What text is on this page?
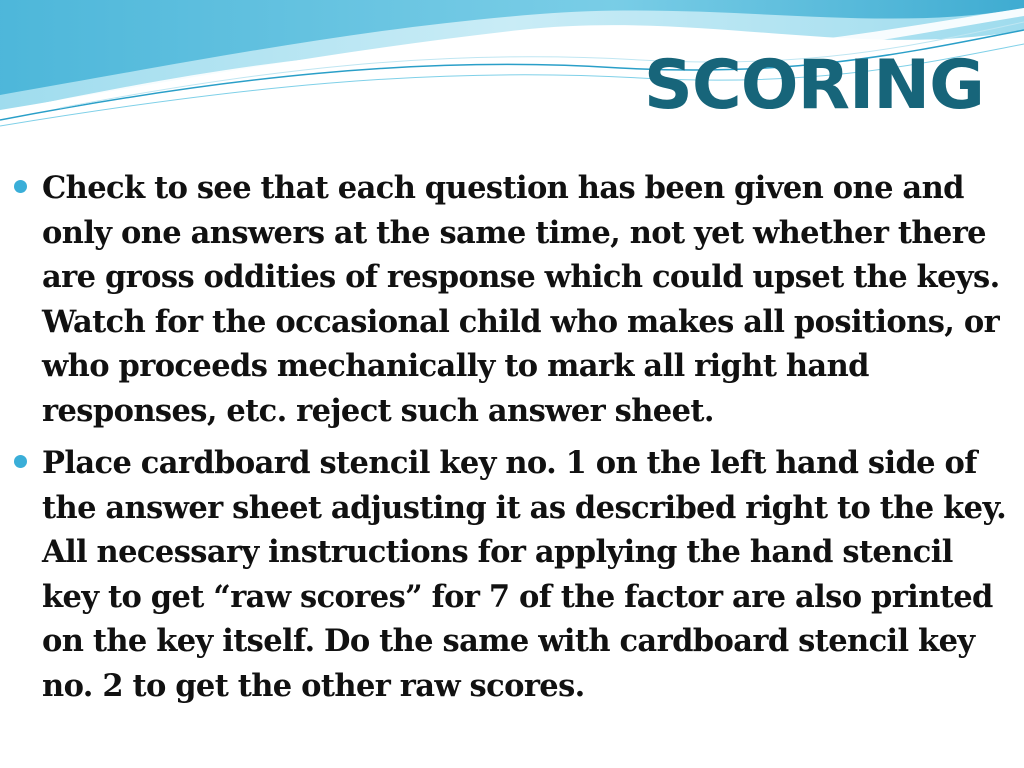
SCORING
Check to see that each question has been given one and only one answers at the same time, not yet whether there are gross oddities of response which could upset the keys. Watch for the occasional child who makes all positions, or who proceeds mechanically to mark all right hand responses, etc. reject such answer sheet.
Place cardboard stencil key no. 1 on the left hand side of the answer sheet adjusting it as described right to the key. All necessary instructions for applying the hand stencil key to get “raw scores” for 7 of the factor are also printed on the key itself. Do the same with cardboard stencil key no. 2 to get the other raw scores.
